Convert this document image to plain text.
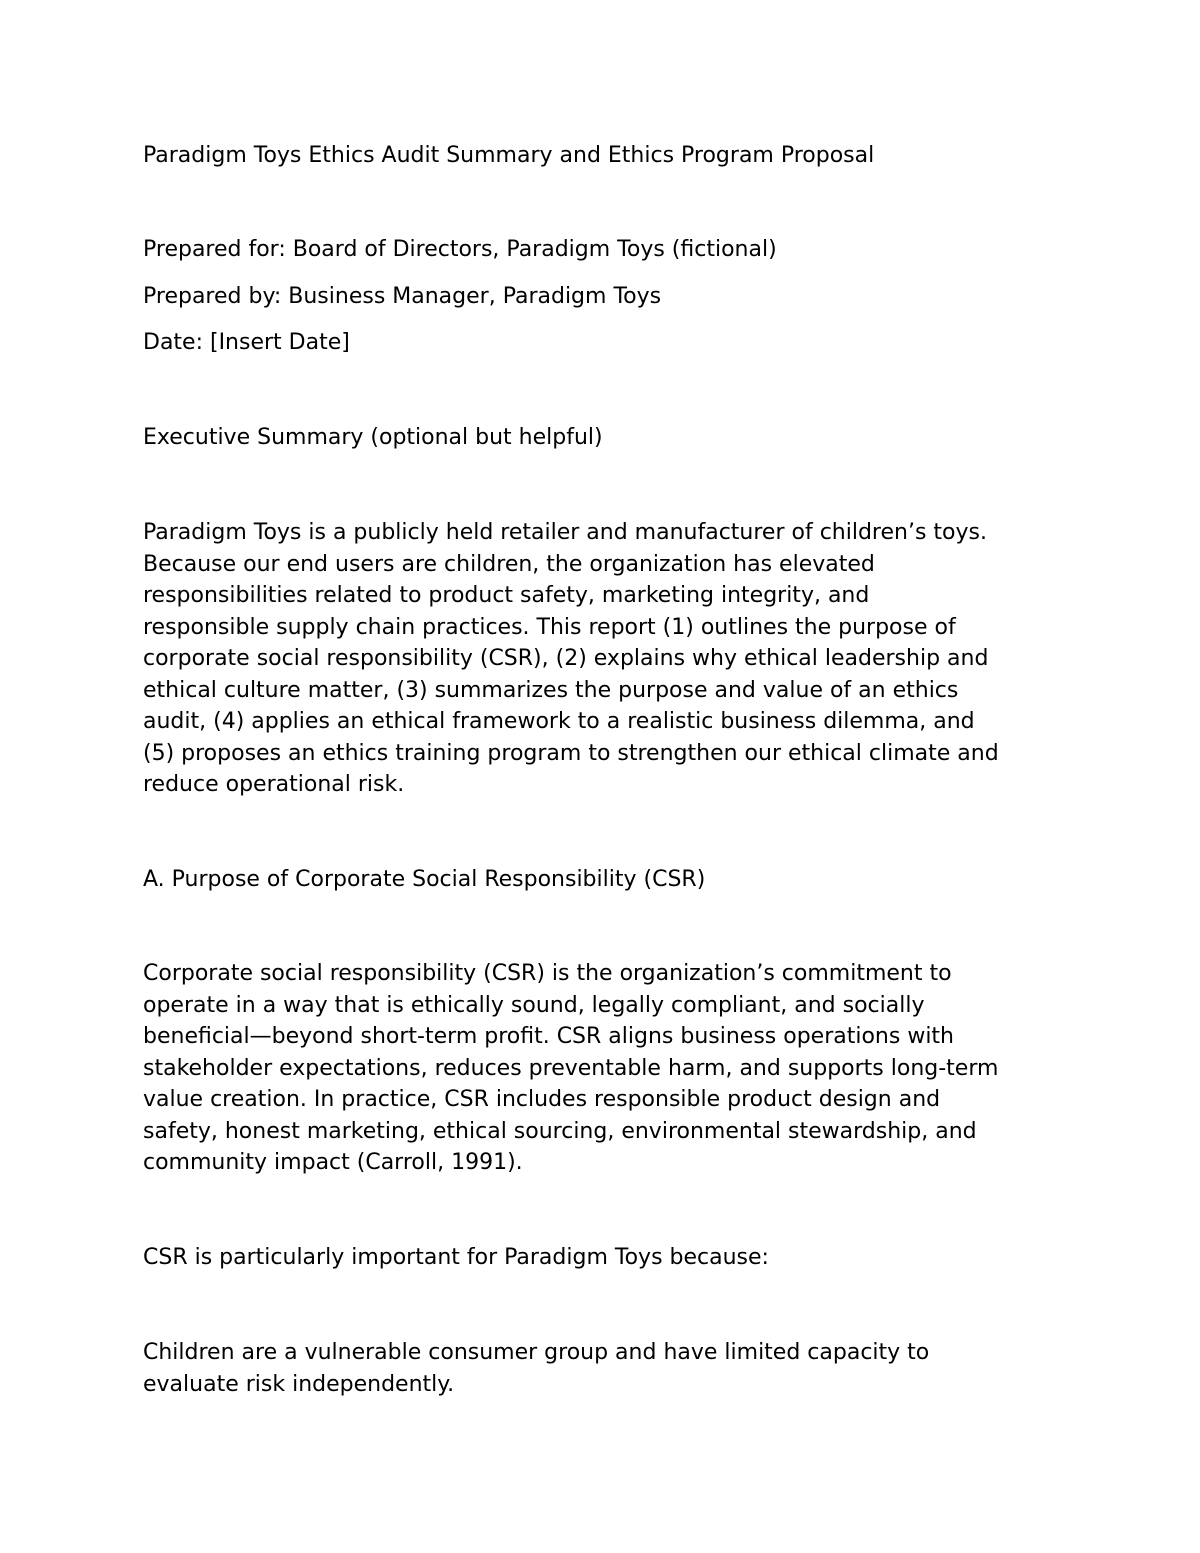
Paradigm Toys Ethics Audit Summary and Ethics Program Proposal

Prepared for: Board of Directors, Paradigm Toys (fictional)

Prepared by: Business Manager, Paradigm Toys

Date: [Insert Date]

Executive Summary (optional but helpful)

Paradigm Toys is a publicly held retailer and manufacturer of children’s toys.
Because our end users are children, the organization has elevated
responsibilities related to product safety, marketing integrity, and
responsible supply chain practices. This report (1) outlines the purpose of
corporate social responsibility (CSR), (2) explains why ethical leadership and
ethical culture matter, (3) summarizes the purpose and value of an ethics
audit, (4) applies an ethical framework to a realistic business dilemma, and
(5) proposes an ethics training program to strengthen our ethical climate and
reduce operational risk.

A. Purpose of Corporate Social Responsibility (CSR)

Corporate social responsibility (CSR) is the organization’s commitment to
operate in a way that is ethically sound, legally compliant, and socially
beneficial—beyond short-term profit. CSR aligns business operations with
stakeholder expectations, reduces preventable harm, and supports long-term
value creation. In practice, CSR includes responsible product design and
safety, honest marketing, ethical sourcing, environmental stewardship, and
community impact (Carroll, 1991).

CSR is particularly important for Paradigm Toys because:

Children are a vulnerable consumer group and have limited capacity to
evaluate risk independently.
